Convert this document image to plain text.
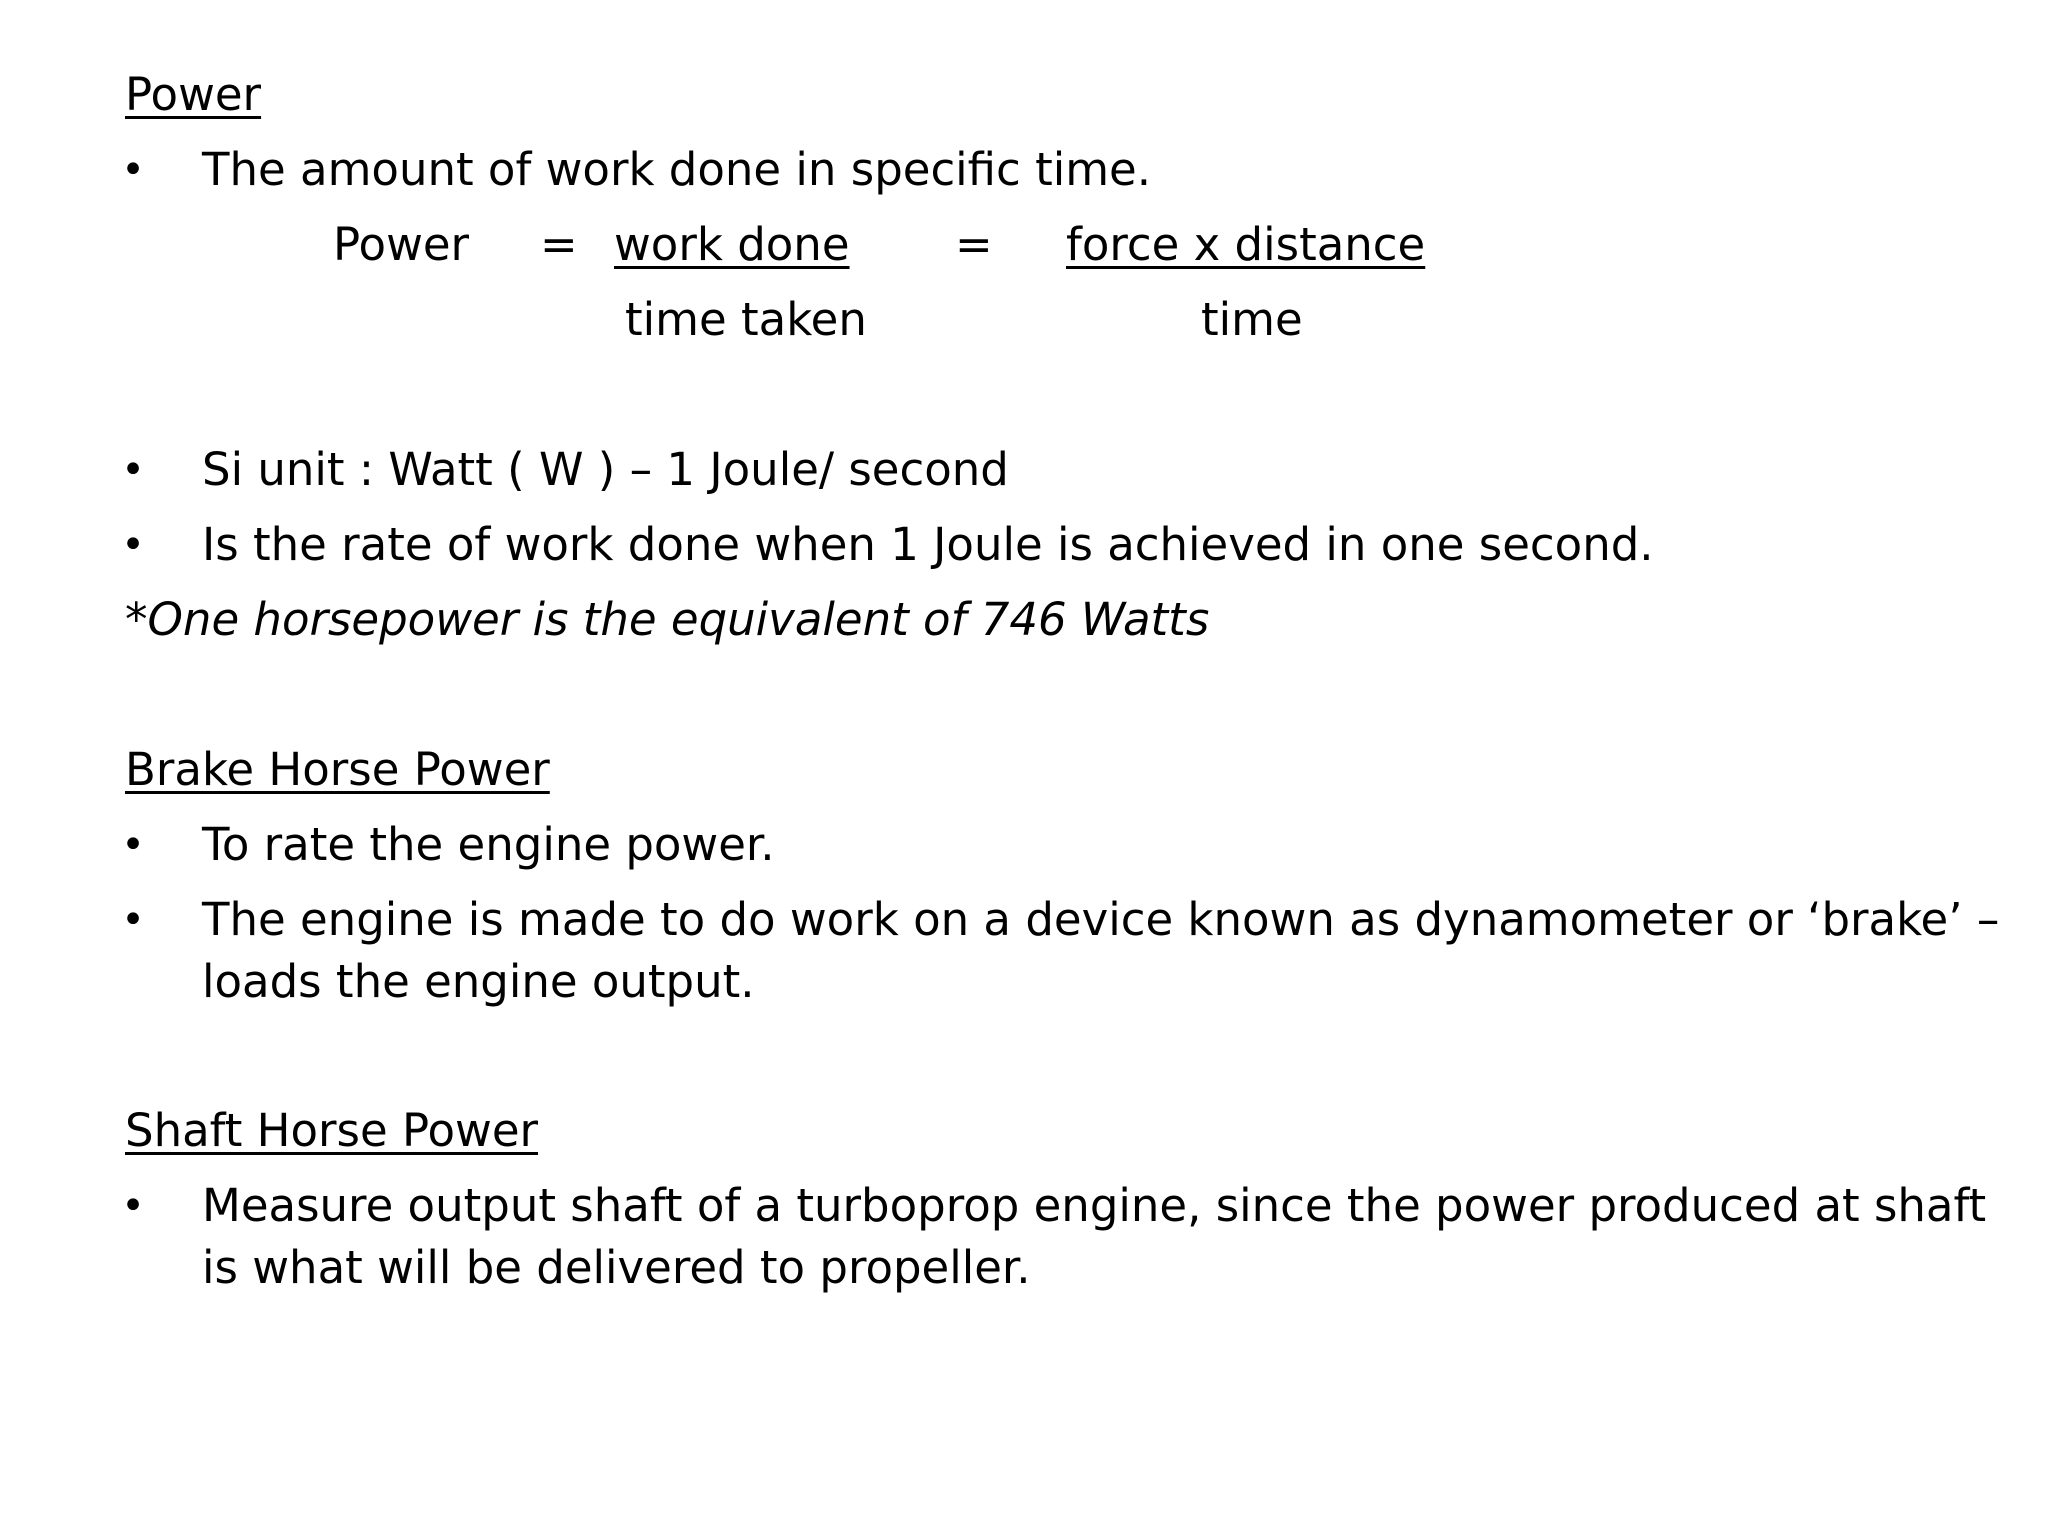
Power
• The amount of work done in specific time.
Power = work done = force x distance
time taken	time
• Si unit : Watt ( W ) – 1 Joule/ second
• Is the rate of work done when 1 Joule is achieved in one second.
*One horsepower is the equivalent of 746 Watts
Brake Horse Power
• To rate the engine power.
• The engine is made to do work on a device known as dynamometer or ‘brake’ –
loads the engine output.
Shaft Horse Power
• Measure output shaft of a turboprop engine, since the power produced at shaft
is what will be delivered to propeller.
